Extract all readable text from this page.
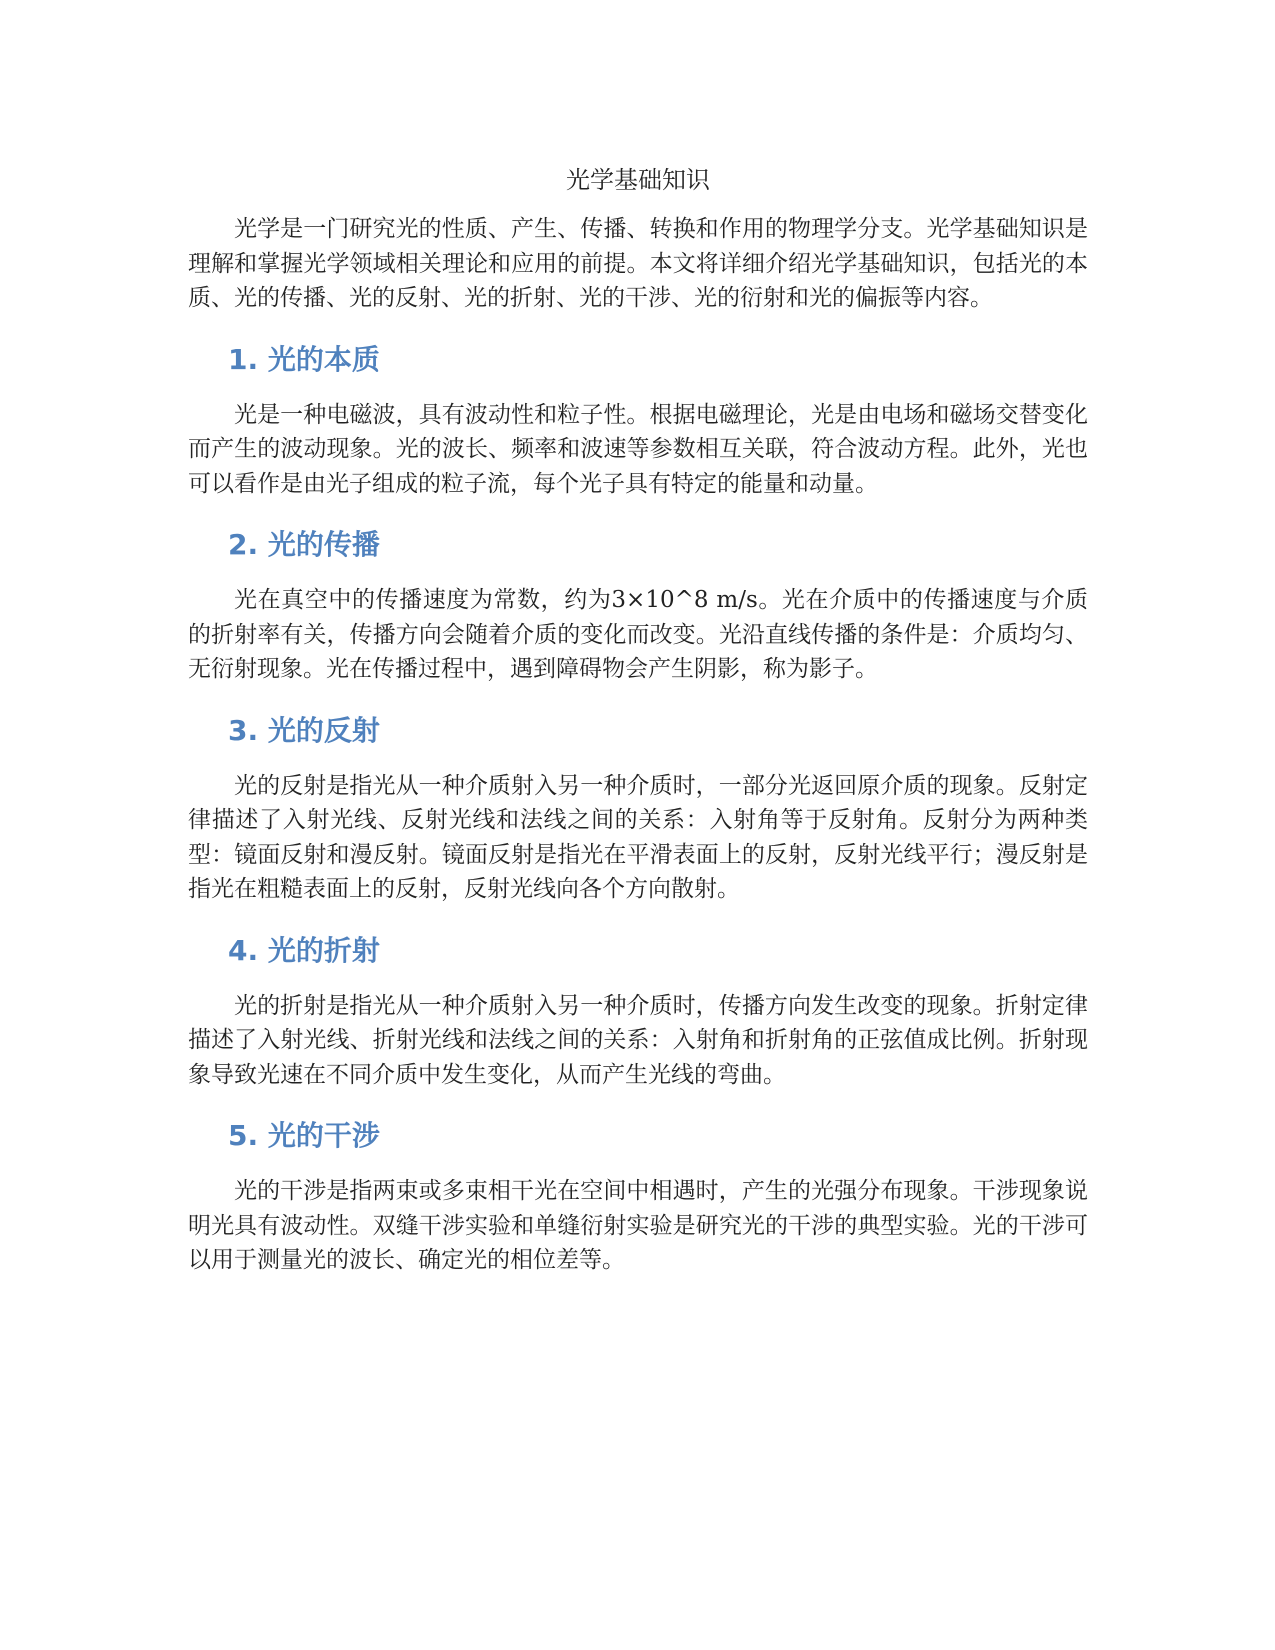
光学基础知识

光学是一门研究光的性质、产生、传播、转换和作用的物理学分支。光学基础知识是理解和掌握光学领域相关理论和应用的前提。本文将详细介绍光学基础知识，包括光的本质、光的传播、光的反射、光的折射、光的干涉、光的衍射和光的偏振等内容。

1. 光的本质

光是一种电磁波，具有波动性和粒子性。根据电磁理论，光是由电场和磁场交替变化而产生的波动现象。光的波长、频率和波速等参数相互关联，符合波动方程。此外，光也可以看作是由光子组成的粒子流，每个光子具有特定的能量和动量。

2. 光的传播

光在真空中的传播速度为常数，约为3×10^8 m/s。光在介质中的传播速度与介质的折射率有关，传播方向会随着介质的变化而改变。光沿直线传播的条件是：介质均匀、无衍射现象。光在传播过程中，遇到障碍物会产生阴影，称为影子。

3. 光的反射

光的反射是指光从一种介质射入另一种介质时，一部分光返回原介质的现象。反射定律描述了入射光线、反射光线和法线之间的关系：入射角等于反射角。反射分为两种类型：镜面反射和漫反射。镜面反射是指光在平滑表面上的反射，反射光线平行；漫反射是指光在粗糙表面上的反射，反射光线向各个方向散射。

4. 光的折射

光的折射是指光从一种介质射入另一种介质时，传播方向发生改变的现象。折射定律描述了入射光线、折射光线和法线之间的关系：入射角和折射角的正弦值成比例。折射现象导致光速在不同介质中发生变化，从而产生光线的弯曲。

5. 光的干涉

光的干涉是指两束或多束相干光在空间中相遇时，产生的光强分布现象。干涉现象说明光具有波动性。双缝干涉实验和单缝衍射实验是研究光的干涉的典型实验。光的干涉可以用于测量光的波长、确定光的相位差等。
